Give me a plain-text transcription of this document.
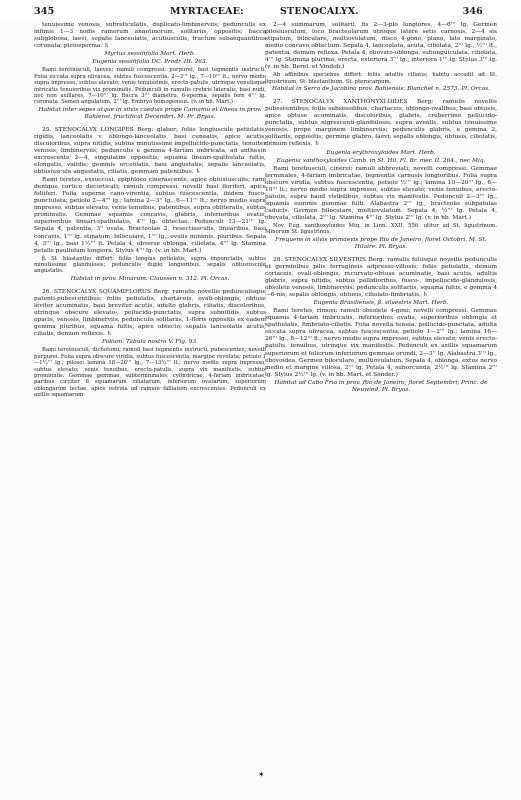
345	MYRTACEAE:	STENOCALYX.	346

tenuissime venosis, subreticulatis, duplicato-limbinerviis; pedunculis ex infimis 1—3 nodis ramorum annotinorum, solitariis, oppositis; bacca subglobosa, laevi, sepalis lanceolatis, acutiusculis, fructum subaequantibus coronata, pleiosperma. ♄

Myrtus sessilifolia Mart. Herb.

Eugenia sessilifolia DC. Prodr. III. 263.

Rami teretiusculi, laeves; ramuli compressi, purpurei, basi tegmentis instructi. Folia siccata supra olivacea, subtus fuscescentia, 2—3''' lg., 7—10''' lt.; nervo medio supra impresso, subtus elevato; venis tenuissimis, erecto-patulis, utrinque venulisque intricatis tenuioribus vix prominulis. Pedunculi in ramulis crebris lateralis, basi nudi, nec non axillares, 7—10''' lg. Bacca 3''' diametro, 6-sperma, sepalis fere 4''' lg. coronata. Semen angulatum, 2''' lg. Embryo homogeneus. (v. in hb. Mart.)

Habitat inter sepes atque in silvis caeduis prope Camamú et Ilheos in prov. Bahiensi, fructificat Decembri. M. Pr. Bryas.

25. STENOCALYX LONGIPES Berg: glaber; foliis longiuscule petiolatis, rigidis, lanceolatis v. oblongo-lanceolatis, basi cuneatis, apice acutis, discoloribus, supra nitidis, subtus minutissime impellucido-punctatis, tenuiter venosis, limbinerviis; pedunculis e gemma 4-fariam imbricata, ad anthesin excrescente 2—4, singulatim oppositis, squama lineari-spathulata fultis, elongatis, validis; gemmis urceolatis, basi angustatis; sepalis lanceolatis, obtusiuscule angustatis, ciliatis, gemmam patentibus. ♄

Rami teretes, exsuccosi, epiphloeo cinerascente, apice obtusiusculis; rami denique cortice decorticati; ramuli compressi, novelli basi floriferi, apice foliiferi. Folia superne cano-virentia, subtus fuscescentia, ibidem fusco-punctulata; petiolo 2—4''' lg.; lamina 2—3'' lg., 6—11''' lt.; nervo medio supra impresso, subtus elevato; venis tenuibus, patentibus, supra obliteratis, subtus prominulis. Gemmae squamis concavis, glabris, inferioribus ovatis, superioribus lineari-spathulatis, 4''' lg. obtectae. Pedunculi 13—21''' lg. Sepala 4, patentia, 3'' ovata, Bracteolae 2, resectiusculis, linearibus, basi concavis, 1''' lg. stipatum, biloculare, 1''' lg.; ovulis minimis, pluribus. Sepala 4, 3''' lg., basi 1½''' lt. Petala 4, obverse oblonga, ciliolata, 4''' lg. Stamina petalis paullulum longiora. Stylus 4''' lg. (v. in hb. Mart.)

β. St. blastantho differt: foliis longius petiolatis, supra impunctatis, subtus minutissime glandulosis; pedunculis duplo longioribus, sepalis obtusiuscule angustatis.

Habitat in prov. Minarum: Claussen n. 312. Pl. Orcas.

26. STENOCALYX SQUAMIFLORUS Berg: ramulis novellis pedunculisque patenti-pubescentibus; foliis petiolatis, chartaceis, ovali-oblongis, obtuse leviter acuminatis, basi breviter acutis, adulto glabris, ciliatis, discoloribus, utrinque obscure elevato-, pellucido-punctatis, supra subnitidis, subtus opacis, venosis, limbinerviis; pedunculis solitariis, 1-floris oppositis ex eadem gemma plurihus, squama fultis, apice obtecto; sepalis lanceolatis acutis, ciliatis, demum reflexis. ♄

Folium: Tabula nostra V. Fig. 93.

Rami teretiusculi, dichotomi; ramuli basi tegmentis instructi, pubescentes; novelli purpurei. Folia supra obscure viridia, subtus fuscescentia, margine revoluta; petiolo 1—1½''' lg., piloso; lamina 18—26''' lg., 7—13½''' lt.; nervo medio supra impresso, subtus elevato; venis tenuibus, erecto-patulis, supra vix manifestis, subtus prominulis. Gemmae gemmae, subtermninales, cylindricae, 4-fariam imbricatae, paribus circiter 8 squamarum ciliatarum, inferiorum ovatarum, superiorum oblongarum tectae, apice ostrina ad ramum falliatum excrescentes. Pedunculi ex axillis squamarum

2—4 summarum, solitarii, fis 2—3-plo longiores, 4—6''' lg. Germen pilosiusculum, loco bracteolarum utroque latere setis carnosis, 2—4 sis stipatum, biloculare, multiovulatum, disco 4-gono, plano, late marginato, medio concavo obtectum. Sepala 4, lanceolata, acuta, ciliolata, 2''' lg., ½''' lt., patentia, demum reflexa. Petala 4, obovato-oblonga, subunguiculata, ciliolata, 4''' lg. Stamina plurima, erecta, exteriora 3''' lg., interiora 1''' lg. Stylus 3''' lg. (v. in hb. Berol. et Vindob.)

Ab affinibus speciebus differt: foliis adultis ciliatis; habitu accedit ad St. ligustrinum, St. blastanthum, St. pterocarpum.

Habitat in Serra de Jacobina prov. Bahiensis: Blanchet n. 2573. Pl. Orcas.

27. STENOCALYX XANTHONYXLOIDES Berg: ramulis novellis pubescentibus; foliis subsessilibus, chartaceis, oblongo-ovalibus, basi obtusis, apice obtuse acuminatis, discoloribus, glabris, creberrime pellucido-punctatis, subtus nigrescenti-glandulosis, supra avenlis, subtus tenuissime venosis, prope marginem limbinerviis; pedunculis glabris, e gemma 2, solitariis, oppositis; germine glabro, laevi; sepalis oblongis, obtusis, ciliolatis, demum reflexis. ♄

Eugenia erythroxyloides Mart. Herb.

Eugenia xanthoxyloides Camb. in St. Hil. Fl. Br. mer. II. 264., nec Miq.

Rami teretiusculi, cinerei; ramuli abbreviati; novelli compressi. Gemmae terminales, 4-fariam imbricatae, tegmentis carnosis longioribus. Folia supra obscure viridia, subtus fuscescentia; petiolo ½''' lg.; lamina 10—20''' lg., 6—10''' lt.; nervo medio supra impresso, subtus elevato; venis tenuibus, erecto-patulis, supra haud visibilibus, subtus vix manifestis. Pedunculi 2—3''' lg., squamis summis gemmae fulti. Alabastra 2''' lg., bracteolis subpatulas caducis. Germen biloculare, multiovulatum. Sepala 4, ½''' lg. Petala 4, obovata, ciliolata, 2''' lg. Stamina 4''' lg. Stylus 2''' lg. (v. in hb. Mart.)

Nov. Eug. xanthoxyloides Miq. in Linn. XXII. 556. utitur ad St. ligustrinum. Minorum St. ligustrinus.

Frequens in silvis primaevis prope Rio de Janeiro, floret Octobri. M. St. Hilaire. Pl. Bryas.

28. STENOCALYX SILVESTRIS Berg: ramulis foliisque novellis pedunculis et germinibus pilis ferrugineis adpresso-villosis; foliis petiolatis, demum coriaceis, ovali-oblongis, recurvato-obtuse acuminatis, basi acutis, adultis glabris, supra nitidis, subtus pallidioribus, fusco-, impellucido-glandulosis, obsolete venosis, limbinerviis; pedunculis solitariis, squama fultis, e gemma 4—6-nis; sepalis oblongis, obtusis, ciliolato-fimbriatis. ♄

Eugenia Brasiliensis, β. silvestris Mart. Herb.

Rami teretes, rimosi; ramuli obsolete 4-goni; novelli compressi. Gemmae squamis 4-fariam imbricatis, inferioribus ovatis, superioribus oblongis et spathulatis, fimbriato-ciliatis. Folia novella tenuia, pellucido-punctata, adulta siccata supra olivacea, subtus fuscescentia; petiolo 1—2''' lg.; lamina 16—26''' lg., 8—12''' lt.; nervo medio supra impresso, subtus elevato; venis erecto-patulis, tenuibus, utrinque vix manifestis. Pedunculi ex axillis squamarum superiorum et foliorum inferiorum gemmae orundi, 2—3'' lg. Alabastra 3''' lg., obovoidea. Germen biloculare, multiovulatum. Sepala 4, oblonga, extus nervo medio et margine villosa, 2''' lg. Petala 4, suborcunda, 2½''' lg. Stamina 2''' lg. Stylus 2½''' lg. (v. in hb. Mart. et Sonder.)

Habitat ad Cabo Frio in prov. Rio de Janeiro, floret Septembri; Princ. de Neuwied. Pl. Bryas.

✶
